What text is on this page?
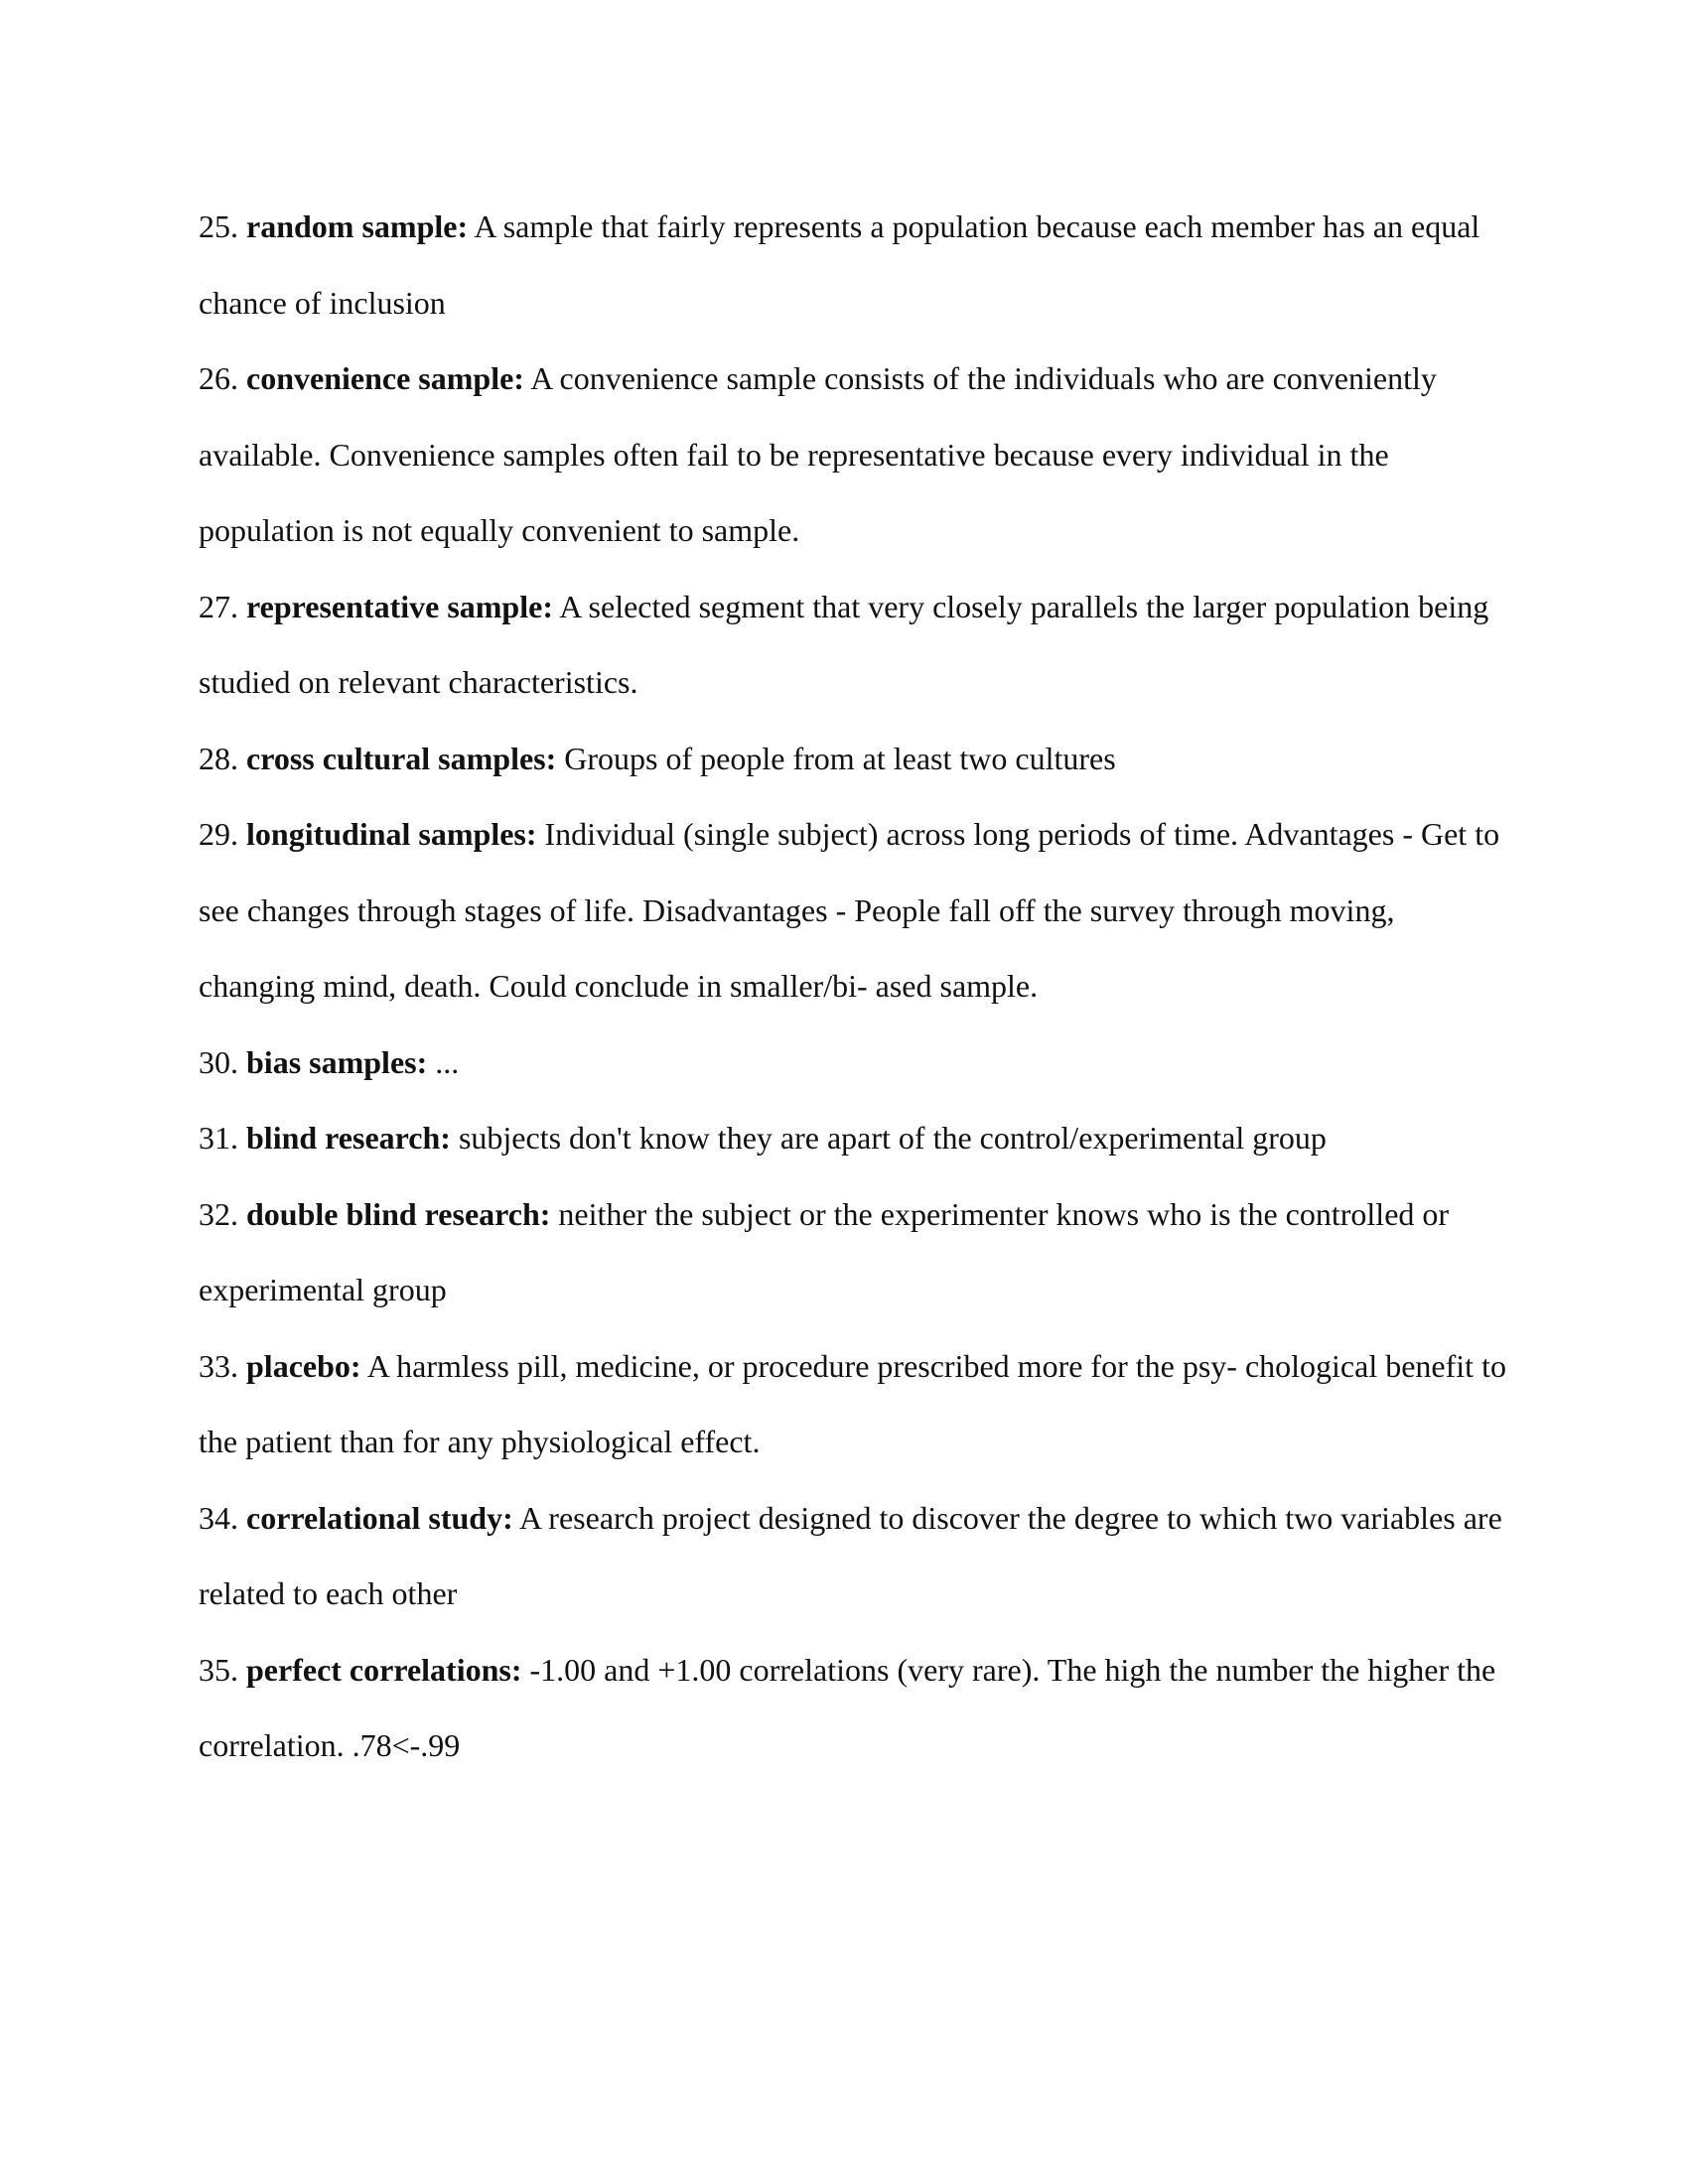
25. random sample: A sample that fairly represents a population because each member has an equal chance of inclusion

26. convenience sample: A convenience sample consists of the individuals who are conveniently available. Convenience samples often fail to be representative because every individual in the population is not equally convenient to sample.

27. representative sample: A selected segment that very closely parallels the larger population being studied on relevant characteristics.

28. cross cultural samples: Groups of people from at least two cultures

29. longitudinal samples: Individual (single subject) across long periods of time. Advantages - Get to see changes through stages of life. Disadvantages - People fall off the survey through moving, changing mind, death. Could conclude in smaller/bi- ased sample.

30. bias samples: ...

31. blind research: subjects don't know they are apart of the control/experimental group

32. double blind research: neither the subject or the experimenter knows who is the controlled or experimental group

33. placebo: A harmless pill, medicine, or procedure prescribed more for the psy- chological benefit to the patient than for any physiological effect.

34. correlational study: A research project designed to discover the degree to which two variables are related to each other

35. perfect correlations: -1.00 and +1.00 correlations (very rare). The high the number the higher the correlation. .78<-.99
